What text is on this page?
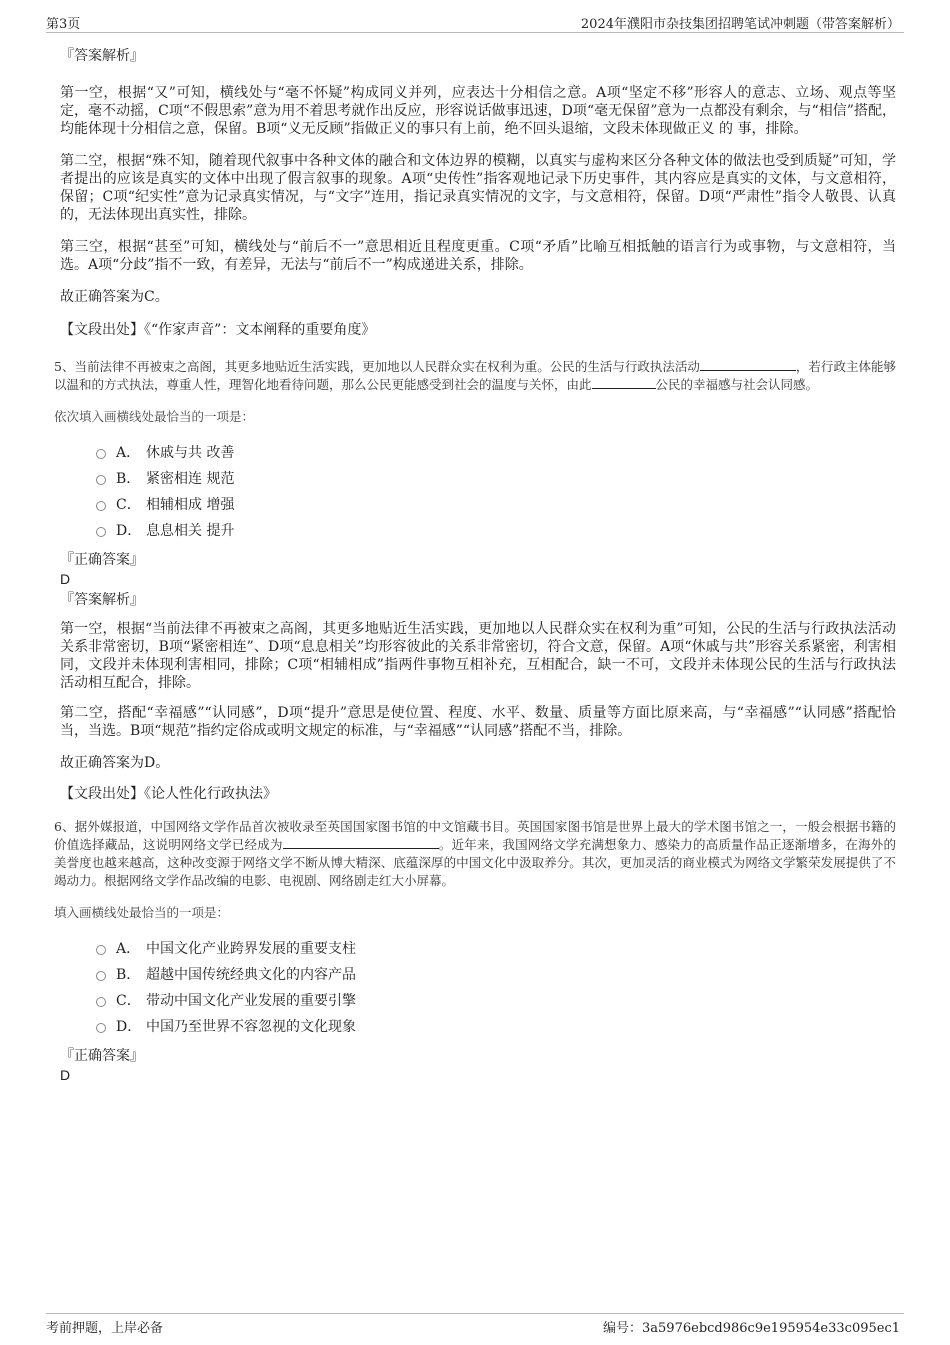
第3页	2024年濮阳市杂技集团招聘笔试冲刺题（带答案解析）
『答案解析』

第一空，根据“又”可知，横线处与“毫不怀疑”构成同义并列，应表达十分相信之意。A项“坚定不移”形容人的意志、立场、观点等坚定，毫不动摇，C项“不假思索”意为用不着思考就作出反应，形容说话做事迅速，D项“毫无保留”意为一点都没有剩余，与“相信”搭配，均能体现十分相信之意，保留。B项“义无反顾”指做正义的事只有上前，绝不回头退缩，文段未体现做正义 的 事，排除。

第二空，根据“殊不知，随着现代叙事中各种文体的融合和文体边界的模糊，以真实与虚构来区分各种文体的做法也受到质疑”可知，学者提出的应该是真实的文体中出现了假言叙事的现象。A项“史传性”指客观地记录下历史事件，其内容应是真实的文体，与文意相符，保留；C项“纪实性”意为记录真实情况，与“文字”连用，指记录真实情况的文字，与文意相符，保留。D项“严肃性”指令人敬畏、认真的，无法体现出真实性，排除。

第三空，根据“甚至”可知，横线处与“前后不一”意思相近且程度更重。C项“矛盾”比喻互相抵触的语言行为或事物，与文意相符，当选。A项“分歧”指不一致，有差异，无法与“前后不一”构成递进关系，排除。

故正确答案为C。

【文段出处】《“作家声音”：文本阐释的重要角度》
5、当前法律不再被束之高阁，其更多地贴近生活实践，更加地以人民群众实在权利为重。公民的生活与行政执法活动	，若行政主体能够以温和的方式执法，尊重人性，理智化地看待问题，那么公民更能感受到社会的温度与关怀，由此	公民的幸福感与社会认同感。
依次填入画横线处最恰当的一项是：
A． 休戚与共 改善
B． 紧密相连 规范
C． 相辅相成 增强
D． 息息相关 提升
『正确答案』
D
『答案解析』

第一空，根据“当前法律不再被束之高阁，其更多地贴近生活实践，更加地以人民群众实在权利为重”可知，公民的生活与行政执法活动关系非常密切，B项“紧密相连”、D项“息息相关”均形容彼此的关系非常密切，符合文意，保留。A项“休戚与共”形容关系紧密，利害相同，文段并未体现利害相同，排除；C项“相辅相成”指两件事物互相补充，互相配合，缺一不可，文段并未体现公民的生活与行政执法活动相互配合，排除。

第二空，搭配“幸福感”“认同感”，D项“提升”意思是使位置、程度、水平、数量、质量等方面比原来高，与“幸福感”“认同感”搭配恰当，当选。B项“规范”指约定俗成或明文规定的标准，与“幸福感”“认同感”搭配不当，排除。

故正确答案为D。

【文段出处】《论人性化行政执法》
6、据外媒报道，中国网络文学作品首次被收录至英国国家图书馆的中文馆藏书目。英国国家图书馆是世界上最大的学术图书馆之一，一般会根据书籍的价值选择藏品，这说明网络文学已经成为	。近年来，我国网络文学充满想象力、感染力的高质量作品正逐渐增多，在海外的美誉度也越来越高，这种改变源于网络文学不断从博大精深、底蕴深厚的中国文化中汲取养分。其次，更加灵活的商业模式为网络文学繁荣发展提供了不竭动力。根据网络文学作品改编的电影、电视剧、网络剧走红大小屏幕。
填入画横线处最恰当的一项是：
A． 中国文化产业跨界发展的重要支柱
B． 超越中国传统经典文化的内容产品
C． 带动中国文化产业发展的重要引擎
D． 中国乃至世界不容忽视的文化现象
『正确答案』
D
考前押题，上岸必备	编号：3a5976ebcd986c9e195954e33c095ec1
